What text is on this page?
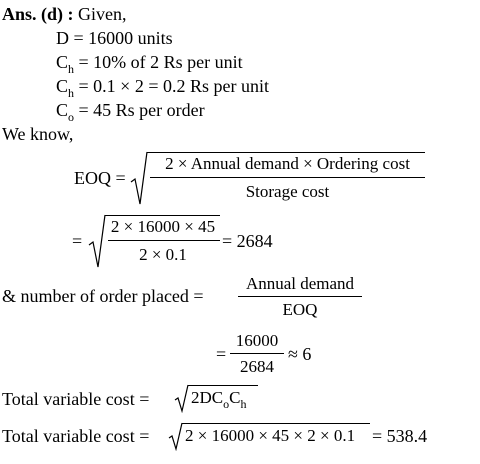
Ans. (d) : Given,
D = 16000 units
$C_h = 10\%$ of 2 Rs per unit
$C_h = 0.1 \times 2 = 0.2$ Rs per unit
$C_o = 45$ Rs per order
We know,
EOQ =
2 × Annual demand × Ordering cost
Storage cost
=
2 × 16000 × 45
2 × 0.1
= 2684
& number of order placed =
Annual demand
EOQ
=
16000
2684
≈ 6
Total variable $\cos t = 2DC_oC_h$
Total variable cost = 2 × 16000 × 45 × 2 × 0.1 = 538.4
